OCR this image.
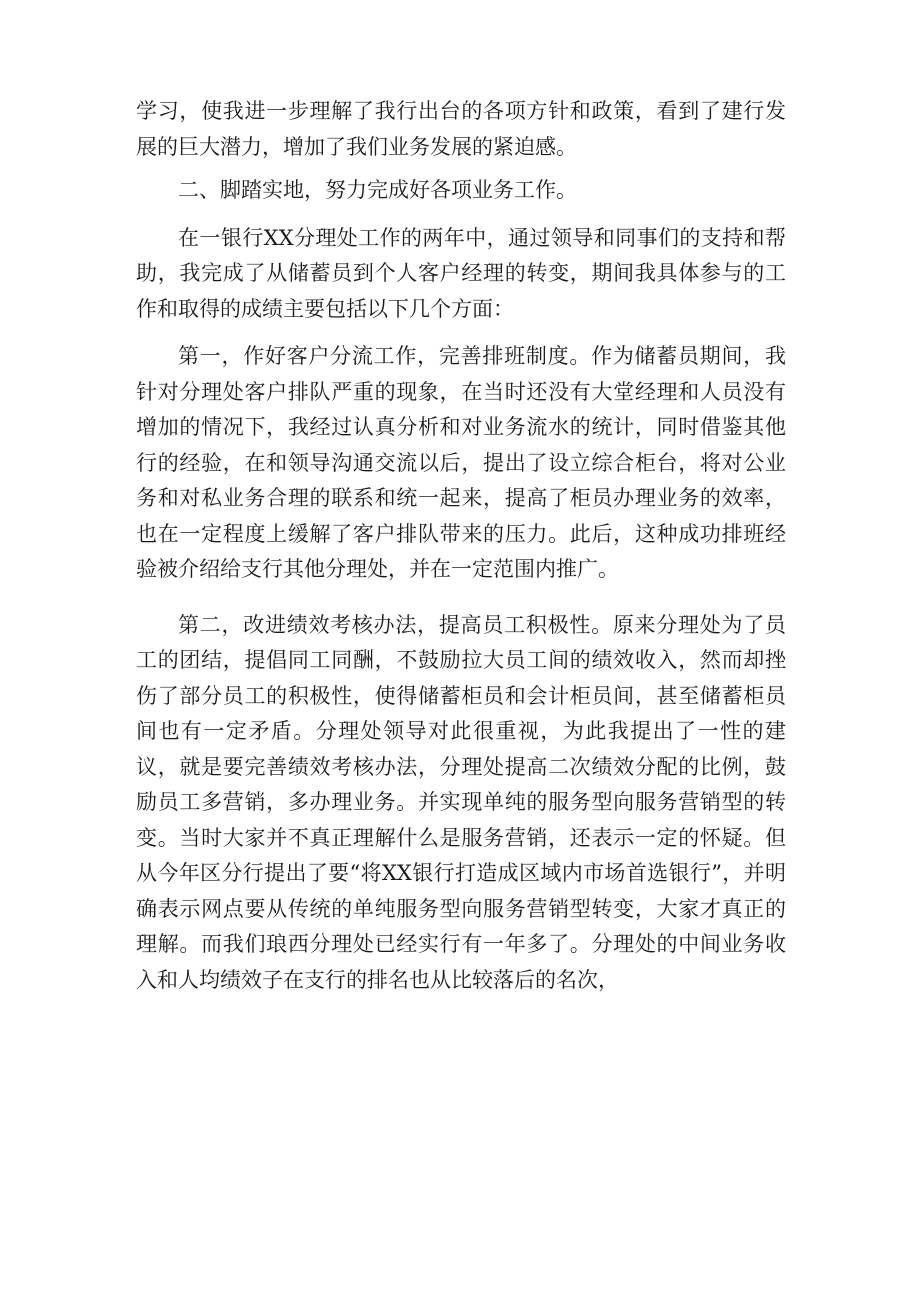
学习，使我进一步理解了我行出台的各项方针和政策，看到了建行发展的巨大潜力，增加了我们业务发展的紧迫感。

二、脚踏实地，努力完成好各项业务工作。

在一银行XX分理处工作的两年中，通过领导和同事们的支持和帮助，我完成了从储蓄员到个人客户经理的转变，期间我具体参与的工作和取得的成绩主要包括以下几个方面：

第一，作好客户分流工作，完善排班制度。作为储蓄员期间，我针对分理处客户排队严重的现象，在当时还没有大堂经理和人员没有增加的情况下，我经过认真分析和对业务流水的统计，同时借鉴其他行的经验，在和领导沟通交流以后，提出了设立综合柜台，将对公业务和对私业务合理的联系和统一起来，提高了柜员办理业务的效率，也在一定程度上缓解了客户排队带来的压力。此后，这种成功排班经验被介绍给支行其他分理处，并在一定范围内推广。

第二，改进绩效考核办法，提高员工积极性。原来分理处为了员工的团结，提倡同工同酬，不鼓励拉大员工间的绩效收入，然而却挫伤了部分员工的积极性，使得储蓄柜员和会计柜员间，甚至储蓄柜员间也有一定矛盾。分理处领导对此很重视，为此我提出了一性的建议，就是要完善绩效考核办法，分理处提高二次绩效分配的比例，鼓励员工多营销，多办理业务。并实现单纯的服务型向服务营销型的转变。当时大家并不真正理解什么是服务营销，还表示一定的怀疑。但从今年区分行提出了要“将XX银行打造成区域内市场首选银行”，并明确表示网点要从传统的单纯服务型向服务营销型转变，大家才真正的理解。而我们琅西分理处已经实行有一年多了。分理处的中间业务收入和人均绩效子在支行的排名也从比较落后的名次，
